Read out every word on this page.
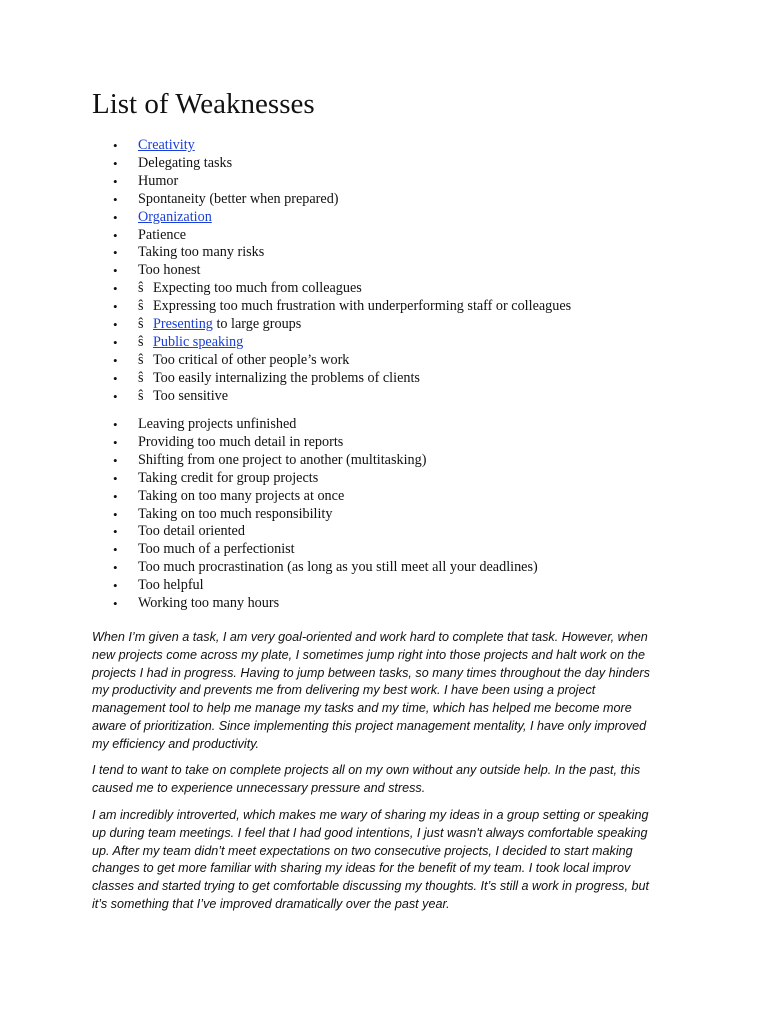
List of Weaknesses
• Creativity
• Delegating tasks
• Humor
• Spontaneity (better when prepared)
• Organization
• Patience
• Taking too many risks
• Too honest
• ŝ Expecting too much from colleagues
• ŝ Expressing too much frustration with underperforming staff or colleagues
• ŝ Presenting to large groups
• ŝ Public speaking
• ŝ Too critical of other people’s work
• ŝ Too easily internalizing the problems of clients
• ŝ Too sensitive
• Leaving projects unfinished
• Providing too much detail in reports
• Shifting from one project to another (multitasking)
• Taking credit for group projects
• Taking on too many projects at once
• Taking on too much responsibility
• Too detail oriented
• Too much of a perfectionist
• Too much procrastination (as long as you still meet all your deadlines)
• Too helpful
• Working too many hours
When I’m given a task, I am very goal-oriented and work hard to complete that task. However, when
new projects come across my plate, I sometimes jump right into those projects and halt work on the
projects I had in progress. Having to jump between tasks, so many times throughout the day hinders
my productivity and prevents me from delivering my best work. I have been using a project
management tool to help me manage my tasks and my time, which has helped me become more
aware of prioritization. Since implementing this project management mentality, I have only improved
my efficiency and productivity.
I tend to want to take on complete projects all on my own without any outside help. In the past, this
caused me to experience unnecessary pressure and stress.
I am incredibly introverted, which makes me wary of sharing my ideas in a group setting or speaking
up during team meetings. I feel that I had good intentions, I just wasn't always comfortable speaking
up. After my team didn’t meet expectations on two consecutive projects, I decided to start making
changes to get more familiar with sharing my ideas for the benefit of my team. I took local improv
classes and started trying to get comfortable discussing my thoughts. It’s still a work in progress, but
it’s something that I’ve improved dramatically over the past year.
